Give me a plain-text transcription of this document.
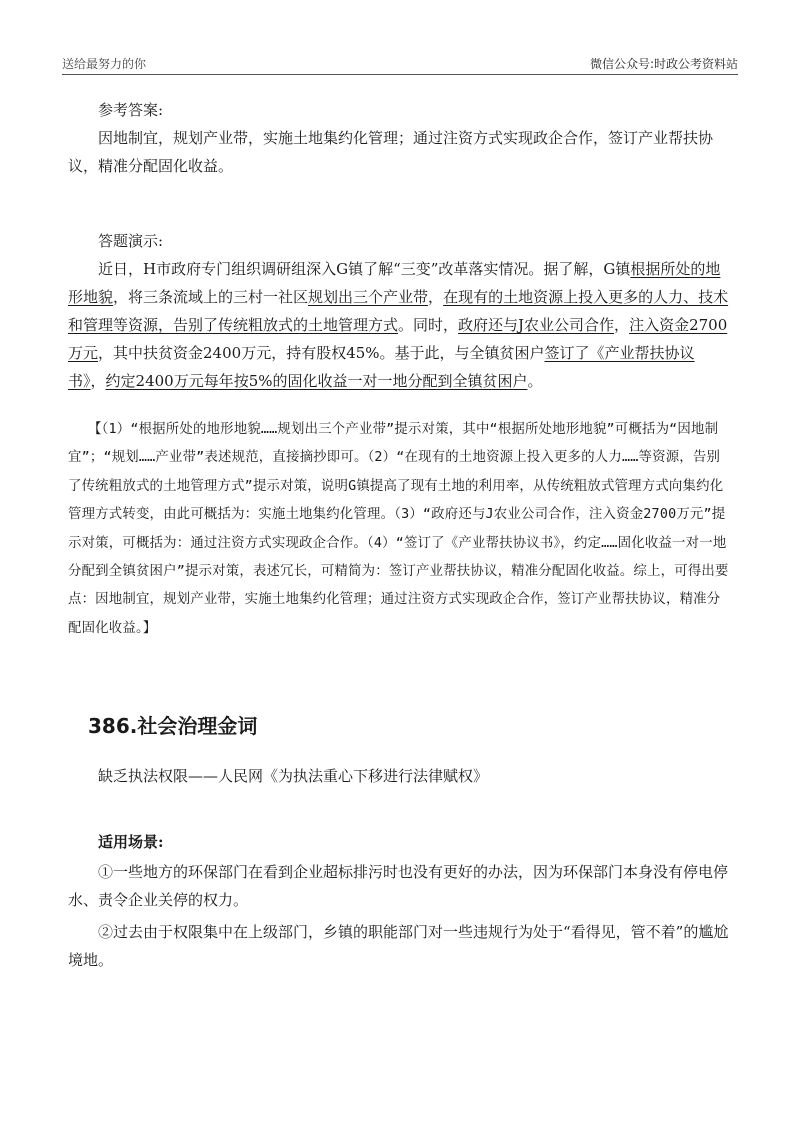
送给最努力的你	微信公众号:时政公考资料站

参考答案:

因地制宜，规划产业带，实施土地集约化管理；通过注资方式实现政企合作，签订产业帮扶协议，精准分配固化收益。

答题演示:

近日，H市政府专门组织调研组深入G镇了解“三变”改革落实情况。据了解，G镇根据所处的地形地貌，将三条流域上的三村一社区规划出三个产业带，在现有的土地资源上投入更多的人力、技术和管理等资源，告别了传统粗放式的土地管理方式。同时，政府还与J农业公司合作，注入资金2700万元，其中扶贫资金2400万元，持有股权45%。基于此，与全镇贫困户签订了《产业帮扶协议书》，约定2400万元每年按5%的固化收益一对一地分配到全镇贫困户。

【（1）“根据所处的地形地貌……规划出三个产业带”提示对策，其中“根据所处地形地貌”可概括为“因地制宜”；“规划……产业带”表述规范，直接摘抄即可。（2）“在现有的土地资源上投入更多的人力……等资源，告别了传统粗放式的土地管理方式”提示对策，说明G镇提高了现有土地的利用率，从传统粗放式管理方式向集约化管理方式转变，由此可概括为：实施土地集约化管理。（3）“政府还与J农业公司合作，注入资金2700万元”提示对策，可概括为：通过注资方式实现政企合作。（4）“签订了《产业帮扶协议书》，约定……固化收益一对一地分配到全镇贫困户”提示对策，表述冗长，可精简为：签订产业帮扶协议，精准分配固化收益。综上，可得出要点：因地制宜，规划产业带，实施土地集约化管理；通过注资方式实现政企合作，签订产业帮扶协议，精准分配固化收益。】

386.社会治理金词

缺乏执法权限——人民网《为执法重心下移进行法律赋权》

适用场景:

①一些地方的环保部门在看到企业超标排污时也没有更好的办法，因为环保部门本身没有停电停水、责令企业关停的权力。

②过去由于权限集中在上级部门，乡镇的职能部门对一些违规行为处于“看得见，管不着”的尴尬境地。
